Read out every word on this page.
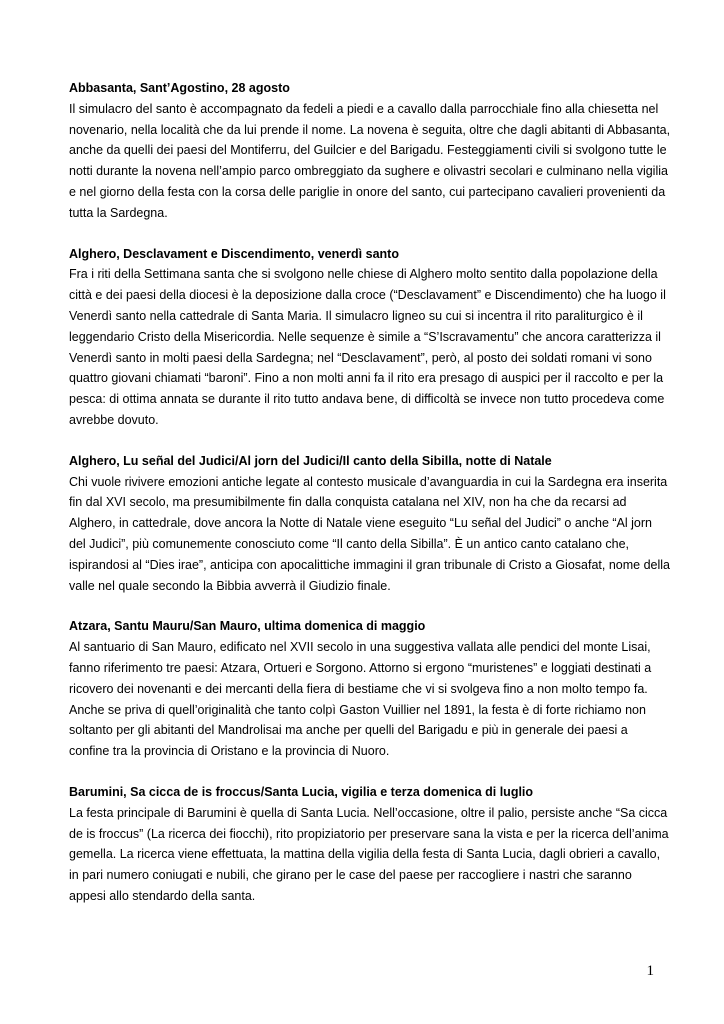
Abbasanta, Sant’Agostino, 28 agosto
Il simulacro del santo è accompagnato da fedeli a piedi e a cavallo dalla parrocchiale fino alla chiesetta nel
novenario, nella località che da lui prende il nome. La novena è seguita, oltre che dagli abitanti di Abbasanta,
anche da quelli dei paesi del Montiferru, del Guilcier e del Barigadu. Festeggiamenti civili si svolgono tutte le
notti durante la novena nell’ampio parco ombreggiato da sughere e olivastri secolari e culminano nella vigilia
e nel giorno della festa con la corsa delle pariglie in onore del santo, cui partecipano cavalieri provenienti da
tutta la Sardegna.
Alghero, Desclavament e Discendimento, venerdì santo
Fra i riti della Settimana santa che si svolgono nelle chiese di Alghero molto sentito dalla popolazione della
città e dei paesi della diocesi è la deposizione dalla croce (“Desclavament” e Discendimento) che ha luogo il
Venerdì santo nella cattedrale di Santa Maria. Il simulacro ligneo su cui si incentra il rito paraliturgico è il
leggendario Cristo della Misericordia. Nelle sequenze è simile a “S’Iscravamentu” che ancora caratterizza il
Venerdì santo in molti paesi della Sardegna; nel “Desclavament”, però, al posto dei soldati romani vi sono
quattro giovani chiamati “baroni”. Fino a non molti anni fa il rito era presago di auspici per il raccolto e per la
pesca: di ottima annata se durante il rito tutto andava bene, di difficoltà se invece non tutto procedeva come
avrebbe dovuto.
Alghero, Lu señal del Judici/Al jorn del Judici/Il canto della Sibilla, notte di Natale
Chi vuole rivivere emozioni antiche legate al contesto musicale d’avanguardia in cui la Sardegna era inserita
fin dal XVI secolo, ma presumibilmente fin dalla conquista catalana nel XIV, non ha che da recarsi ad
Alghero, in cattedrale, dove ancora la Notte di Natale viene eseguito “Lu señal del Judici” o anche “Al jorn
del Judici”, più comunemente conosciuto come “Il canto della Sibilla”. È un antico canto catalano che,
ispirandosi al “Dies irae”, anticipa con apocalittiche immagini il gran tribunale di Cristo a Giosafat, nome della
valle nel quale secondo la Bibbia avverrà il Giudizio finale.
Atzara, Santu Mauru/San Mauro, ultima domenica di maggio
Al santuario di San Mauro, edificato nel XVII secolo in una suggestiva vallata alle pendici del monte Lisai,
fanno riferimento tre paesi: Atzara, Ortueri e Sorgono. Attorno si ergono “muristenes” e loggiati destinati a
ricovero dei novenanti e dei mercanti della fiera di bestiame che vi si svolgeva fino a non molto tempo fa.
Anche se priva di quell’originalità che tanto colpì Gaston Vuillier nel 1891, la festa è di forte richiamo non
soltanto per gli abitanti del Mandrolisai ma anche per quelli del Barigadu e più in generale dei paesi a
confine tra la provincia di Oristano e la provincia di Nuoro.
Barumini, Sa cicca de is froccus/Santa Lucia, vigilia e terza domenica di luglio
La festa principale di Barumini è quella di Santa Lucia. Nell’occasione, oltre il palio, persiste anche “Sa cicca
de is froccus” (La ricerca dei fiocchi), rito propiziatorio per preservare sana la vista e per la ricerca dell’anima
gemella. La ricerca viene effettuata, la mattina della vigilia della festa di Santa Lucia, dagli obrieri a cavallo,
in pari numero coniugati e nubili, che girano per le case del paese per raccogliere i nastri che saranno
appesi allo stendardo della santa.
1
